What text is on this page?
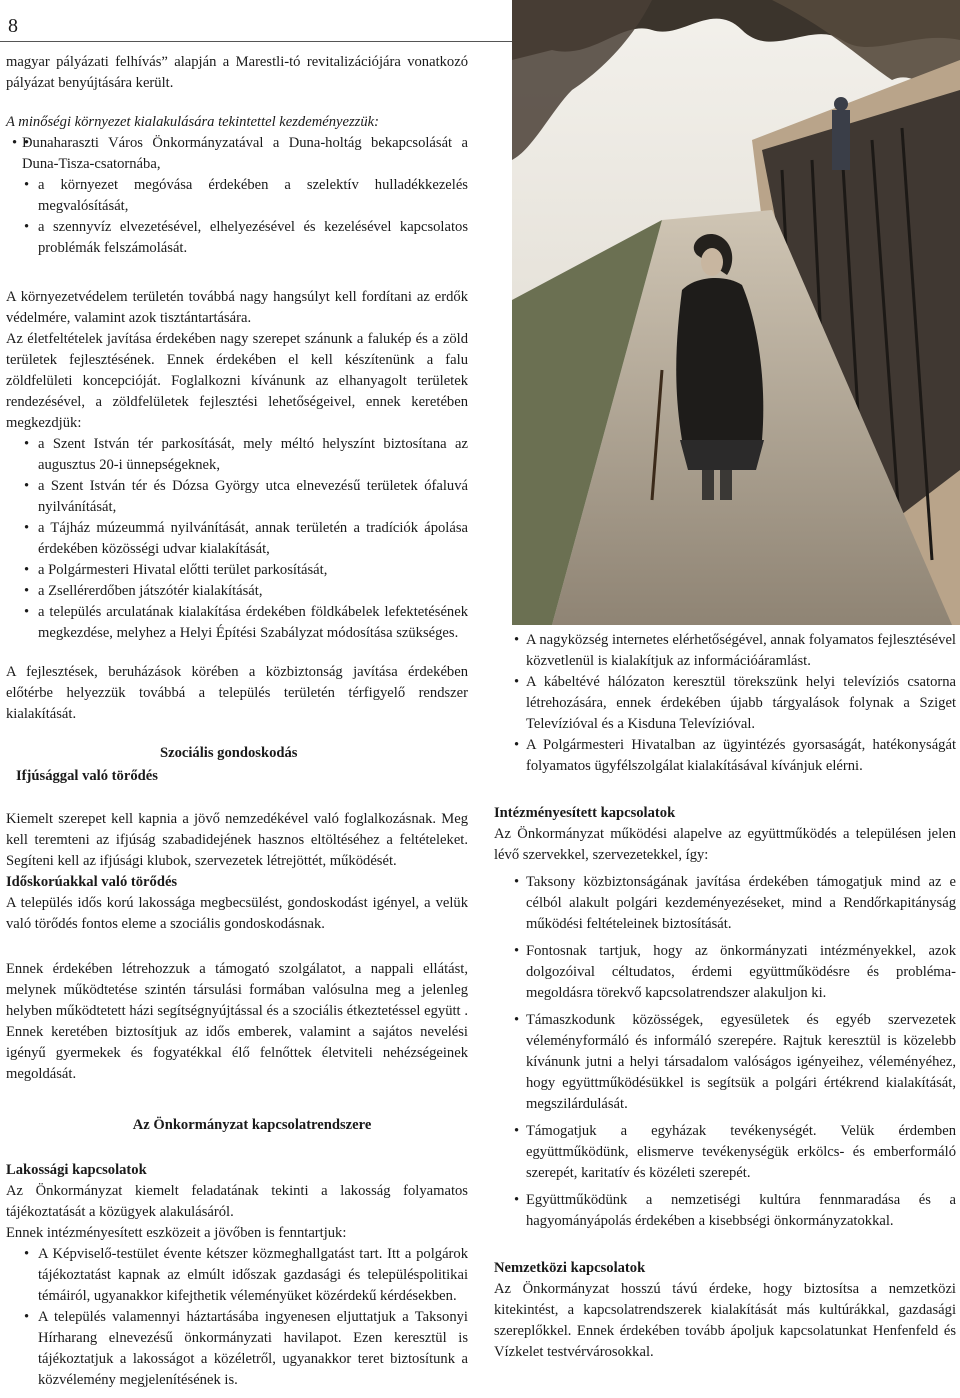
8

magyar pályázati felhívás” alapján a Marestli-tó revitalizációjára vonatkozó pályázat benyújtására került.

A minőségi környezet kialakulására tekintettel kezdeményezzük:

• • Dunaharaszti Város Önkormányzatával a Duna-holtág bekapcsolását a Duna-Tisza-csatornába,
• a környezet megóvása érdekében a szelektív hulladékkezelés megvalósítását,
• a szennyvíz elvezetésével, elhelyezésével és kezelésével kapcsolatos problémák felszámolását.

A környezetvédelem területén továbbá nagy hangsúlyt kell fordítani az erdők védelmére, valamint azok tisztántartására.

Az életfeltételek javítása érdekében nagy szerepet szánunk a falukép és a zöld területek fejlesztésének. Ennek érdekében el kell készítenünk a falu zöldfelületi koncepcióját. Foglalkozni kívánunk az elhanyagolt területek rendezésével, a zöldfelületek fejlesztési lehetőségeivel, ennek keretében megkezdjük:

• a Szent István tér parkosítását, mely méltó helyszínt biztosítana az augusztus 20-i ünnepségeknek,
• a Szent István tér és Dózsa György utca elnevezésű területek ófaluvá nyilvánítását,
• a Tájház múzeummá nyilvánítását, annak területén a tradíciók ápolása érdekében közösségi udvar kialakítását,
• a Polgármesteri Hivatal előtti terület parkosítását,
• a Zsellérerdőben játszótér kialakítását,
• a település arculatának kialakítása érdekében földkábelek lefektetésének megkezdése, melyhez a Helyi Építési Szabályzat módosítása szükséges.

A fejlesztések, beruházások körében a közbiztonság javítása érdekében előtérbe helyezzük továbbá a település területén térfigyelő rendszer kialakítását.

Szociális gondoskodás

Ifjúsággal való törődés

Kiemelt szerepet kell kapnia a jövő nemzedékével való foglalkozásnak. Meg kell teremteni az ifjúság szabadidejének hasznos eltöltéséhez a feltételeket. Segíteni kell az ifjúsági klubok, szervezetek létrejöttét, működését.

Időskorúakkal való törődés

A település idős korú lakossága megbecsülést, gondoskodást igényel, a velük való törődés fontos eleme a szociális gondoskodásnak.

Ennek érdekében létrehozzuk a támogató szolgálatot, a nappali ellátást, melynek működtetése szintén társulási formában valósulna meg a jelenleg helyben működtetett házi segítségnyújtással és a szociális étkeztetéssel együtt . Ennek keretében biztosítjuk az idős emberek, valamint a sajátos nevelési igényű gyermekek és fogyatékkal élő felnőttek életviteli nehézségeinek megoldását.

Az Önkormányzat kapcsolatrendszere

Lakossági kapcsolatok

Az Önkormányzat kiemelt feladatának tekinti a lakosság folyamatos tájékoztatását a közügyek alakulásáról.

Ennek intézményesített eszközeit a jövőben is fenntartjuk:

• A Képviselő-testület évente kétszer közmeghallgatást tart. Itt a polgárok tájékoztatást kapnak az elmúlt időszak gazdasági és településpolitikai témáiról, ugyanakkor kifejthetik véleményüket közérdekű kérdésekben.
• A település valamennyi háztartásába ingyenesen eljuttatjuk a Taksonyi Hírharang elnevezésű önkormányzati havilapot. Ezen keresztül is tájékoztatjuk a lakosságot a közéletről, ugyanakkor teret biztosítunk a közvélemény megjelenítésének is.
• A nagyközség internetes elérhetőségével, annak folyamatos fejlesztésével közvetlenül is kialakítjuk az információáramlást.
• A kábeltévé hálózaton keresztül törekszünk helyi televíziós csatorna létrehozására, ennek érdekében újabb tárgyalások folynak a Sziget Televízióval és a Kisduna Televízióval.
• A Polgármesteri Hivatalban az ügyintézés gyorsaságát, hatékonyságát folyamatos ügyfélszolgálat kialakításával kívánjuk elérni.

Intézményesített kapcsolatok

Az Önkormányzat működési alapelve az együttműködés a településen jelen lévő szervekkel, szervezetekkel, így:

• Taksony közbiztonságának javítása érdekében támogatjuk mind az e célból alakult polgári kezdeményezéseket, mind a Rendőrkapitányság működési feltételeinek biztosítását.
• Fontosnak tartjuk, hogy az önkormányzati intézményekkel, azok dolgozóival céltudatos, érdemi együttműködésre és probléma-megoldásra törekvő kapcsolatrendszer alakuljon ki.
• Támaszkodunk közösségek, egyesületek és egyéb szervezetek véleményformáló és informáló szerepére. Rajtuk keresztül is közelebb kívánunk jutni a helyi társadalom valóságos igényeihez, véleményéhez, hogy együttműködésükkel is segítsük a polgári értékrend kialakítását, megszilárdulását.
• Támogatjuk a egyházak tevékenységét. Velük érdemben együttműködünk, elismerve tevékenységük erkölcs- és emberformáló szerepét, karitatív és közéleti szerepét.
• Együttműködünk a nemzetiségi kultúra fennmaradása és a hagyományápolás érdekében a kisebbségi önkormányzatokkal.

Nemzetközi kapcsolatok

Az Önkormányzat hosszú távú érdeke, hogy biztosítsa a nemzetközi kitekintést, a kapcsolatrendszerek kialakítását más kultúrákkal, gazdasági szereplőkkel. Ennek érdekében tovább ápoljuk kapcsolatunkat Henfenfeld és Vízkelet testvérvárosokkal.
